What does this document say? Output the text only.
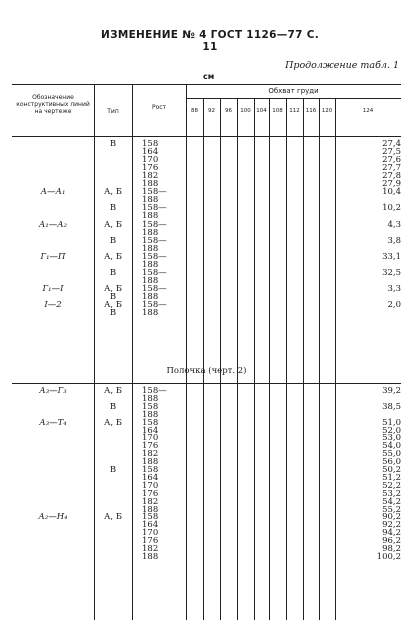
ИЗМЕНЕНИЕ № 4 ГОСТ 1126—77 С. 11
Продолжение табл. 1
см
Обозначение конструктивных линий на чертеже	Тип
Рост
Обхват груди
88	92	96	100	104	108	112	116	120	124
В	158	27,4
164	27,5
170	27,6
176	27,7
182	27,8
188	27,9
А—А₁	А, Б	158—	10,4
188
В	158—	10,2
188
А₁—А₂	А, Б	158—	4,3
188
В	158—	3,8
188
Г₁—П	А, Б	158—	33,1
188
В	158—	32,5
188
Г₁—I	А, Б	158—	3,3
В	188
I—2	А, Б	158—	2,0
В	188
А₃—Г₃	А, Б	158—	39,2
188
В	158	38,5
188
А₃—Т₄	А, Б	158	51,0
164	52,0
170	53,0
176	54,0
182	55,0
188	56,0
В	158	50,2
164	51,2
170	52,2
176	53,2
182	54,2
188	55,2
А₂—Н₄	А, Б	158	90,2
164	92,2
170	94,2
176	96,2
182	98,2
188	100,2
Полочка (черт. 2)
